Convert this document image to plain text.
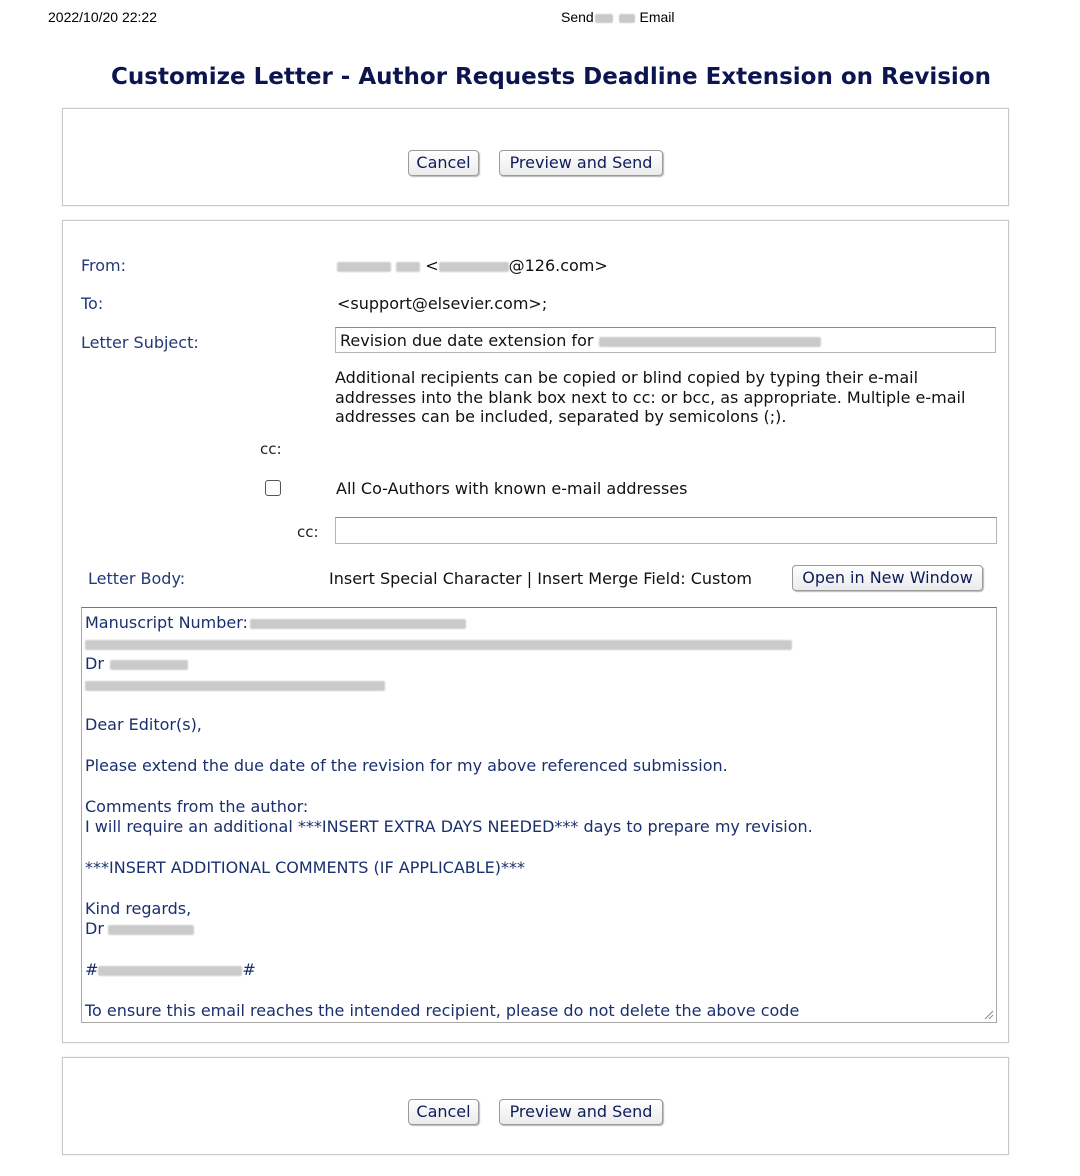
2022/10/20 22:22	Send	Email
Customize Letter - Author Requests Deadline Extension on Revision
Cancel	Preview and Send
From:	<	@126.com>
To:	<support@elsevier.com>;
Letter Subject:	Revision due date extension for
Additional recipients can be copied or blind copied by typing their e-mail addresses into the blank box next to cc: or bcc, as appropriate. Multiple e-mail addresses can be included, separated by semicolons (;).
cc:
All Co-Authors with known e-mail addresses
cc:
Letter Body:	Insert Special Character | Insert Merge Field: Custom	Open in New Window
Manuscript Number:
Dr
Dear Editor(s),
Please extend the due date of the revision for my above referenced submission.
Comments from the author:
I will require an additional ***INSERT EXTRA DAYS NEEDED*** days to prepare my revision.
***INSERT ADDITIONAL COMMENTS (IF APPLICABLE)***
Kind regards,
Dr
#	#
To ensure this email reaches the intended recipient, please do not delete the above code
Cancel	Preview and Send
